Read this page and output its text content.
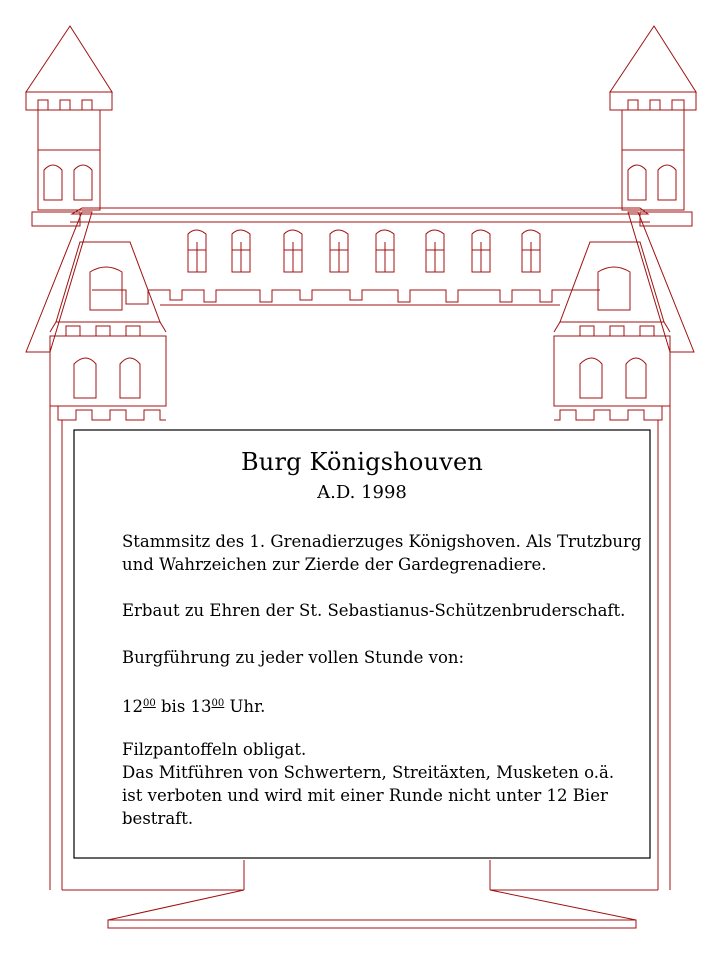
Burg Königshouven
A.D. 1998
Stammsitz des 1. Grenadierzuges Königshoven. Als Trutzburg
und Wahrzeichen zur Zierde der Gardegrenadiere.
Erbaut zu Ehren der St. Sebastianus-Schützenbruderschaft.
Burgführung zu jeder vollen Stunde von:
$12^{00}$ bis $13^{00}$ Uhr.
Filzpantoffeln obligat.
Das Mitführen von Schwertern, Streitäxten, Musketen o.ä.
ist verboten und wird mit einer Runde nicht unter 12 Bier
bestraft.
